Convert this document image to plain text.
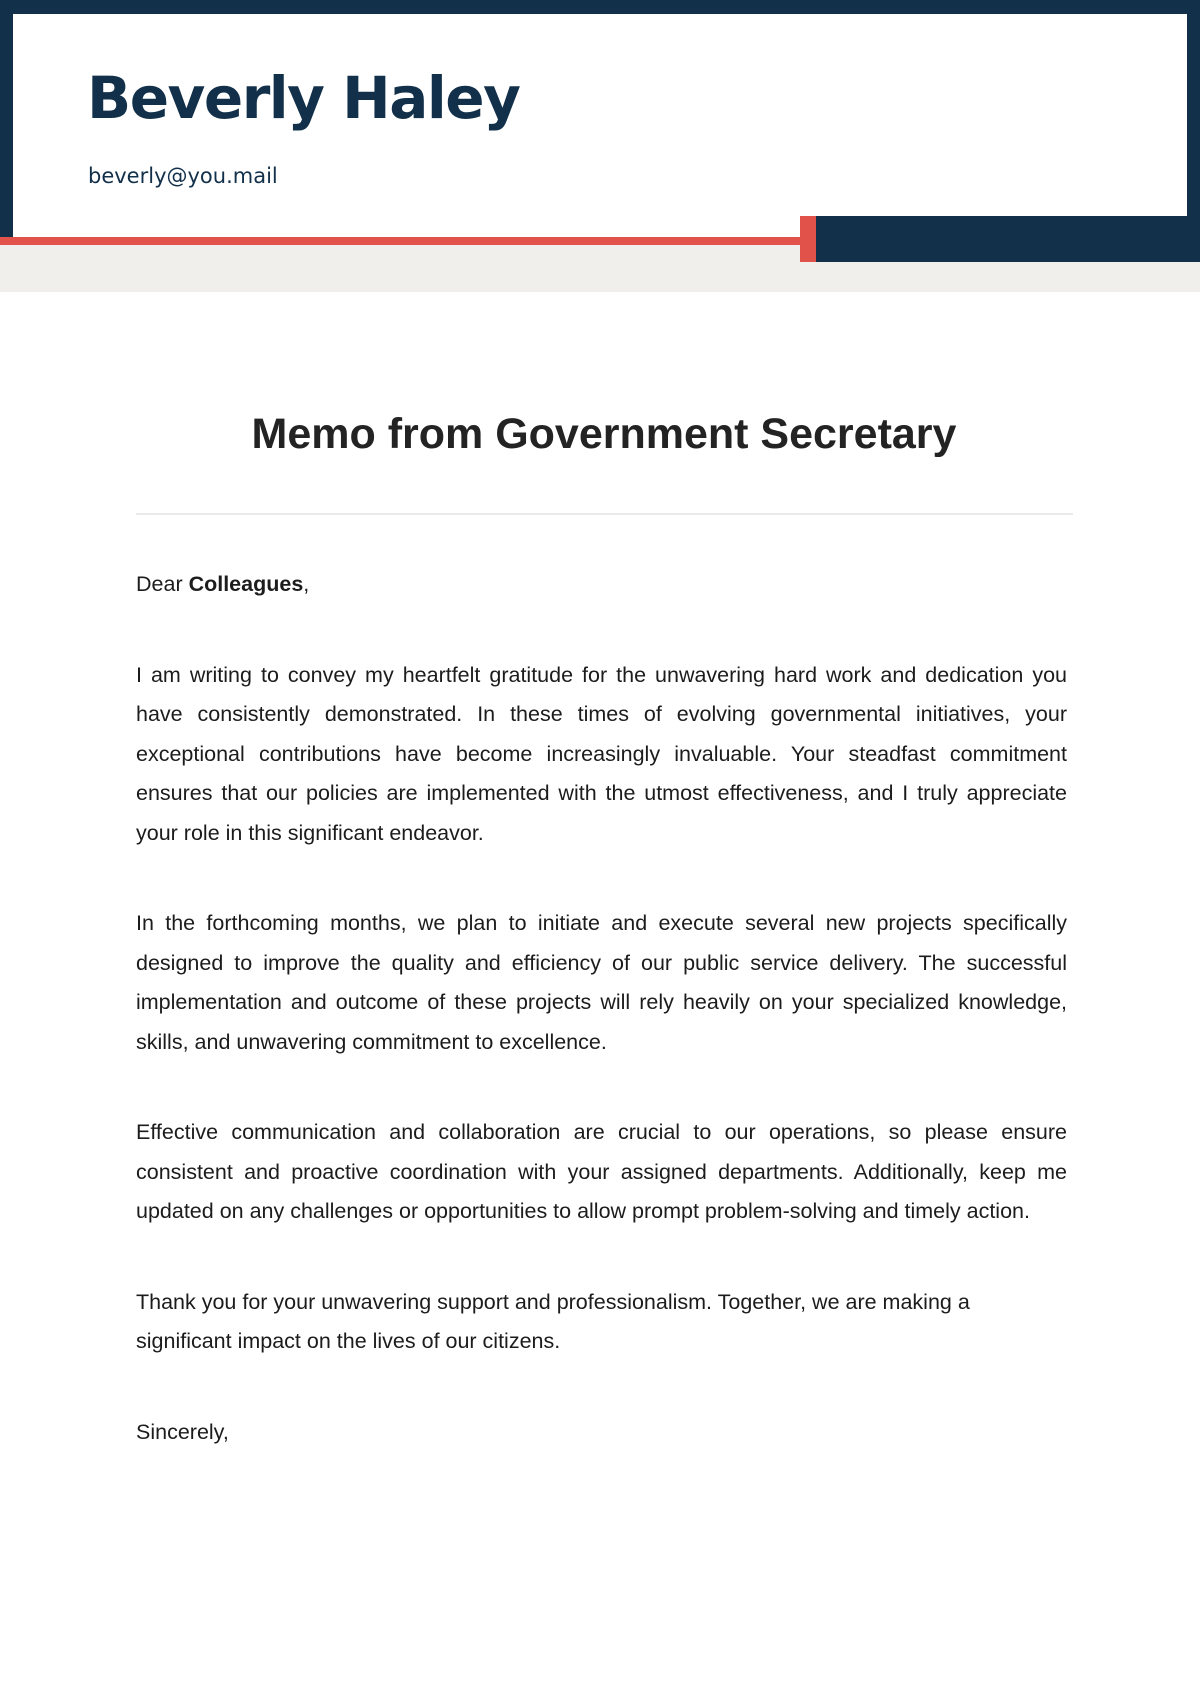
Beverly Haley
beverly@you.mail
Memo from Government Secretary

Dear Colleagues,

I am writing to convey my heartfelt gratitude for the unwavering hard work and dedication you have consistently demonstrated. In these times of evolving governmental initiatives, your exceptional contributions have become increasingly invaluable. Your steadfast commitment ensures that our policies are implemented with the utmost effectiveness, and I truly appreciate your role in this significant endeavor.

In the forthcoming months, we plan to initiate and execute several new projects specifically designed to improve the quality and efficiency of our public service delivery. The successful implementation and outcome of these projects will rely heavily on your specialized knowledge, skills, and unwavering commitment to excellence.

Effective communication and collaboration are crucial to our operations, so please ensure consistent and proactive coordination with your assigned departments. Additionally, keep me updated on any challenges or opportunities to allow prompt problem-solving and timely action.

Thank you for your unwavering support and professionalism. Together, we are making a significant impact on the lives of our citizens.

Sincerely,
